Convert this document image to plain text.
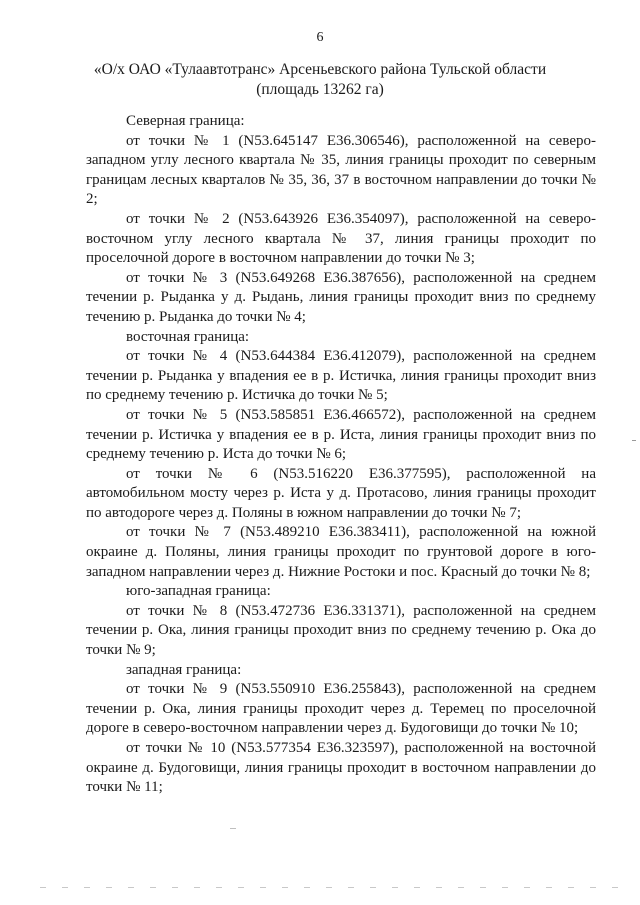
6
«О/х ОАО «Тулаавтотранс» Арсеньевского района Тульской области
(площадь 13262 га)

Северная граница:

от точки № 1 (N53.645147 E36.306546), расположенной на северо-западном углу лесного квартала № 35, линия границы проходит по северным границам лесных кварталов № 35, 36, 37 в восточном направлении до точки № 2;

от точки № 2 (N53.643926 E36.354097), расположенной на северо-восточном углу лесного квартала № 37, линия границы проходит по проселочной дороге в восточном направлении до точки № 3;

от точки № 3 (N53.649268 E36.387656), расположенной на среднем течении р. Рыданка у д. Рыдань, линия границы проходит вниз по среднему течению р. Рыданка до точки № 4;

восточная граница:

от точки № 4 (N53.644384 E36.412079), расположенной на среднем течении р. Рыданка у впадения ее в р. Истичка, линия границы проходит вниз по среднему течению р. Истичка до точки № 5;

от точки № 5 (N53.585851 E36.466572), расположенной на среднем течении р. Истичка у впадения ее в р. Иста, линия границы проходит вниз по среднему течению р. Иста до точки № 6;

от точки № 6 (N53.516220 E36.377595), расположенной на автомобильном мосту через р. Иста у д. Протасово, линия границы проходит по автодороге через д. Поляны в южном направлении до точки № 7;

от точки № 7 (N53.489210 E36.383411), расположенной на южной окраине д. Поляны, линия границы проходит по грунтовой дороге в юго-западном направлении через д. Нижние Ростоки и пос. Красный до точки № 8;

юго-западная граница:

от точки № 8 (N53.472736 E36.331371), расположенной на среднем течении р. Ока, линия границы проходит вниз по среднему течению р. Ока до точки № 9;

западная граница:

от точки № 9 (N53.550910 E36.255843), расположенной на среднем течении р. Ока, линия границы проходит через д. Теремец по проселочной дороге в северо-восточном направлении через д. Будоговищи до точки № 10;

от точки № 10 (N53.577354 E36.323597), расположенной на восточной окраине д. Будоговищи, линия границы проходит в восточном направлении до точки № 11;
